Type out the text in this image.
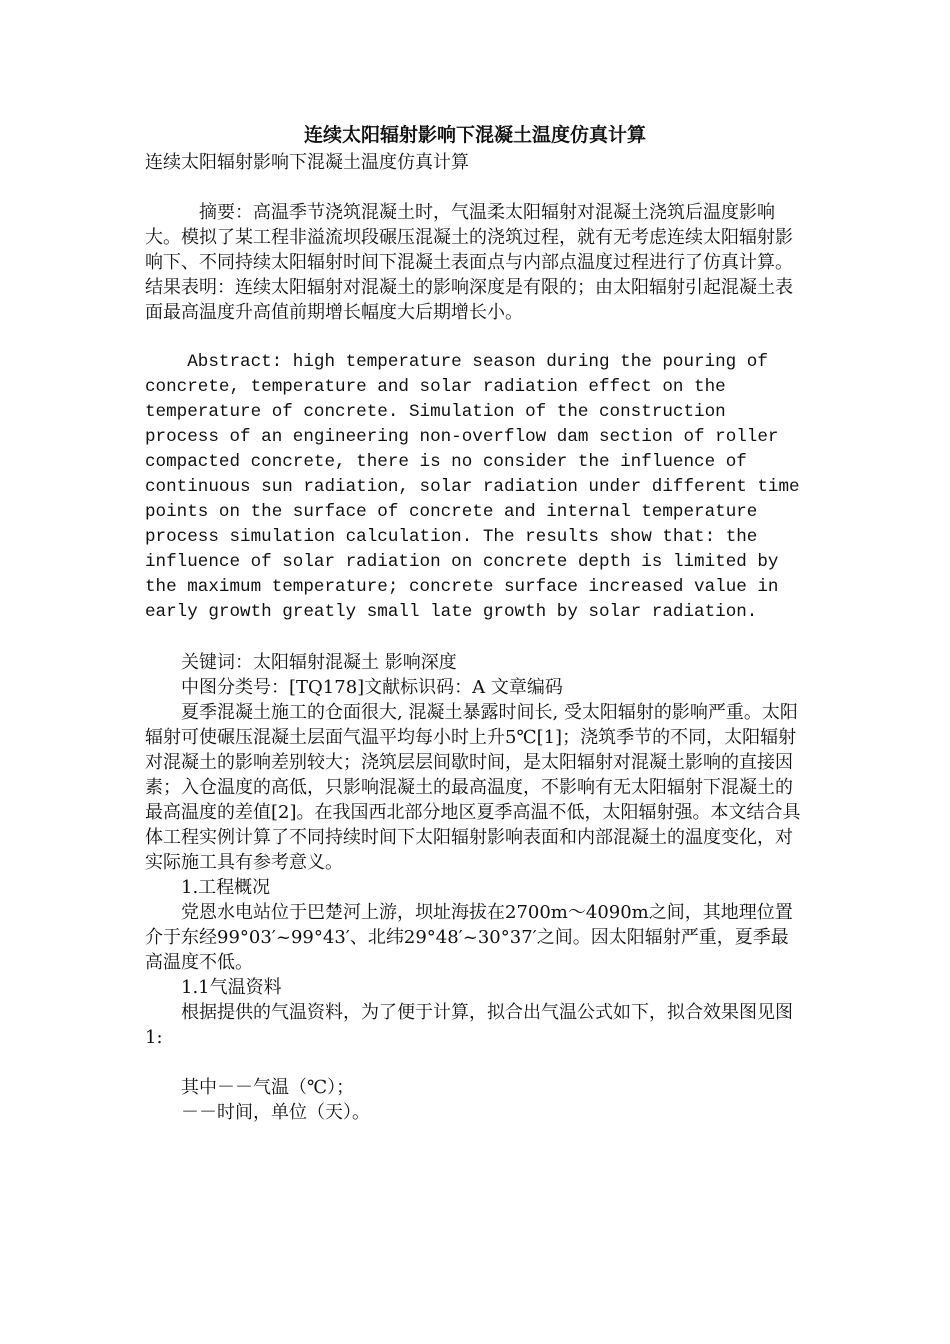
连续太阳辐射影响下混凝土温度仿真计算

连续太阳辐射影响下混凝土温度仿真计算

摘要：高温季节浇筑混凝土时，气温柔太阳辐射对混凝土浇筑后温度影响大。模拟了某工程非溢流坝段碾压混凝土的浇筑过程，就有无考虑连续太阳辐射影响下、不同持续太阳辐射时间下混凝土表面点与内部点温度过程进行了仿真计算。结果表明：连续太阳辐射对混凝土的影响深度是有限的；由太阳辐射引起混凝土表面最高温度升高值前期增长幅度大后期增长小。

Abstract: high temperature season during the pouring of concrete, temperature and solar radiation effect on the temperature of concrete. Simulation of the construction process of an engineering non-overflow dam section of roller compacted concrete, there is no consider the influence of continuous sun radiation, solar radiation under different time points on the surface of concrete and internal temperature process simulation calculation. The results show that: the influence of solar radiation on concrete depth is limited by the maximum temperature; concrete surface increased value in early growth greatly small late growth by solar radiation.

关键词：太阳辐射混凝土 影响深度

中图分类号：[TQ178]文献标识码：A 文章编码

夏季混凝土施工的仓面很大, 混凝土暴露时间长, 受太阳辐射的影响严重。太阳辐射可使碾压混凝土层面气温平均每小时上升5℃[1]；浇筑季节的不同，太阳辐射对混凝土的影响差别较大；浇筑层层间歇时间，是太阳辐射对混凝土影响的直接因素；入仓温度的高低，只影响混凝土的最高温度，不影响有无太阳辐射下混凝土的最高温度的差值[2]。在我国西北部分地区夏季高温不低，太阳辐射强。本文结合具体工程实例计算了不同持续时间下太阳辐射影响表面和内部混凝土的温度变化，对实际施工具有参考意义。

1.工程概况

党恩水电站位于巴楚河上游，坝址海拔在2700m～4090m之间，其地理位置介于东经99°03′~99°43′、北纬29°48′~30°37′之间。因太阳辐射严重，夏季最高温度不低。

1.1气温资料

根据提供的气温资料，为了便于计算，拟合出气温公式如下，拟合效果图见图1:

其中－－气温（℃）；

－－时间，单位（天）。
